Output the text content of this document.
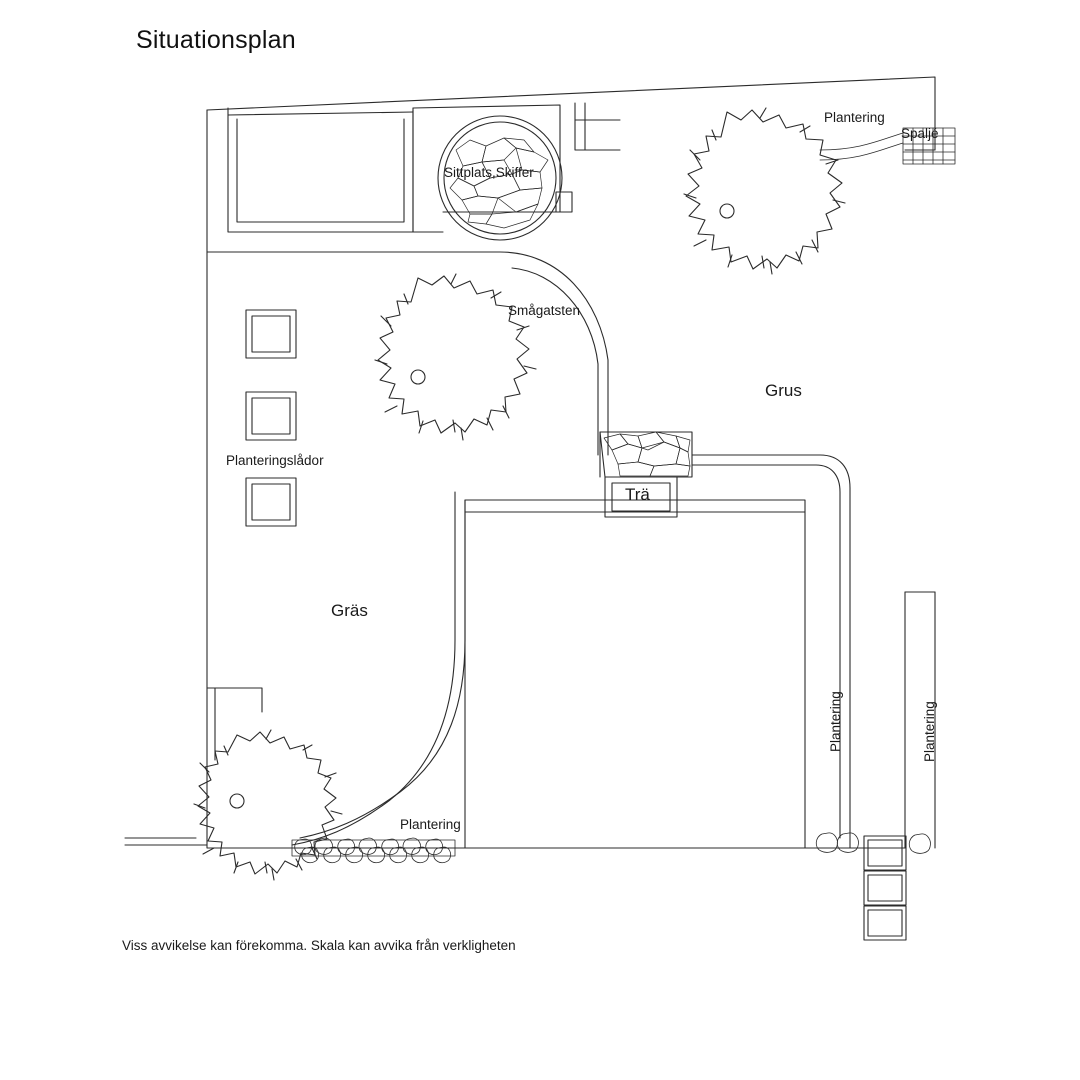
Situationsplan
Plantering
Spaljé
Sittplats,Skiffer
Smågatsten
Grus
Planteringslådor
Gräs
Trä
Plantering
Plantering	Plantering
Viss avvikelse kan förekomma. Skala kan avvika från verkligheten
